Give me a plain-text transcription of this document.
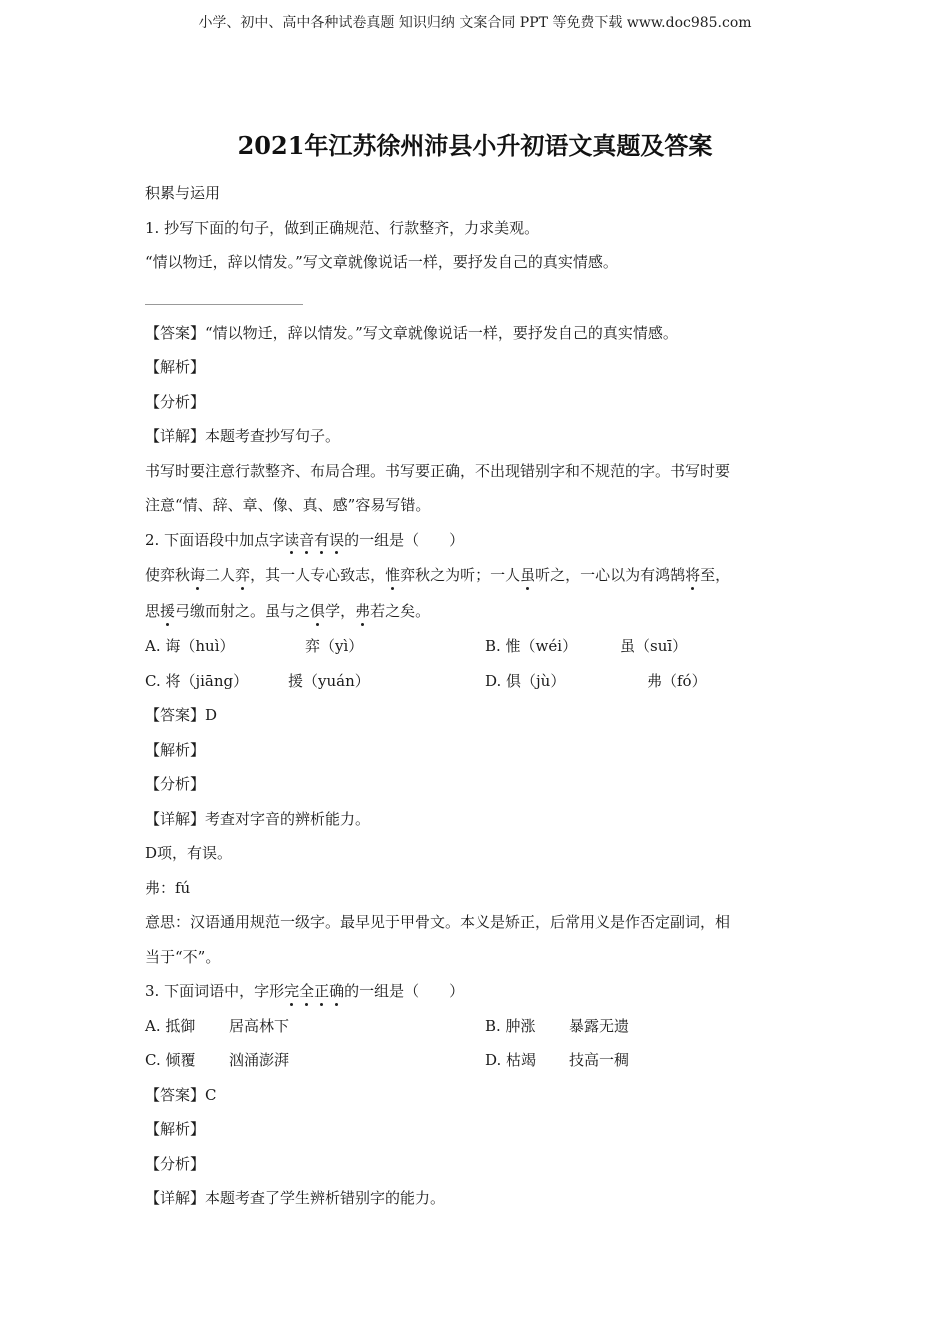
小学、初中、高中各种试卷真题 知识归纳 文案合同 PPT 等免费下载 www.doc985.com
2021年江苏徐州沛县小升初语文真题及答案
积累与运用
1. 抄写下面的句子，做到正确规范、行款整齐，力求美观。
“情以物迁，辞以情发。”写文章就像说话一样，要抒发自己的真实情感。
【答案】“情以物迁，辞以情发。”写文章就像说话一样，要抒发自己的真实情感。
【解析】
【分析】
【详解】本题考查抄写句子。
书写时要注意行款整齐、布局合理。书写要正确，不出现错别字和不规范的字。书写时要
注意“情、辞、章、像、真、感”容易写错。
2. 下面语段中加点字读音有误的一组是（　　）
使弈秋诲二人弈，其一人专心致志，惟弈秋之为听；一人虽听之，一心以为有鸿鹄将至，
思援弓缴而射之。虽与之俱学，弗若之矣。
A. 诲（huì）	弈（yì）	B. 惟（wéi）	虽（suī）
C. 将（jiāng）	援（yuán）	D. 俱（jù）	弗（fó）
【答案】D
【解析】
【分析】
【详解】考查对字音的辨析能力。
D项，有误。
弗：fú
意思：汉语通用规范一级字。最早见于甲骨文。本义是矫正，后常用义是作否定副词，相
当于“不”。
3. 下面词语中，字形完全正确的一组是（　　）
A. 抵御	居高林下	B. 肿涨	暴露无遗
C. 倾覆	汹涌澎湃	D. 枯竭	技高一稠
【答案】C
【解析】
【分析】
【详解】本题考查了学生辨析错别字的能力。
